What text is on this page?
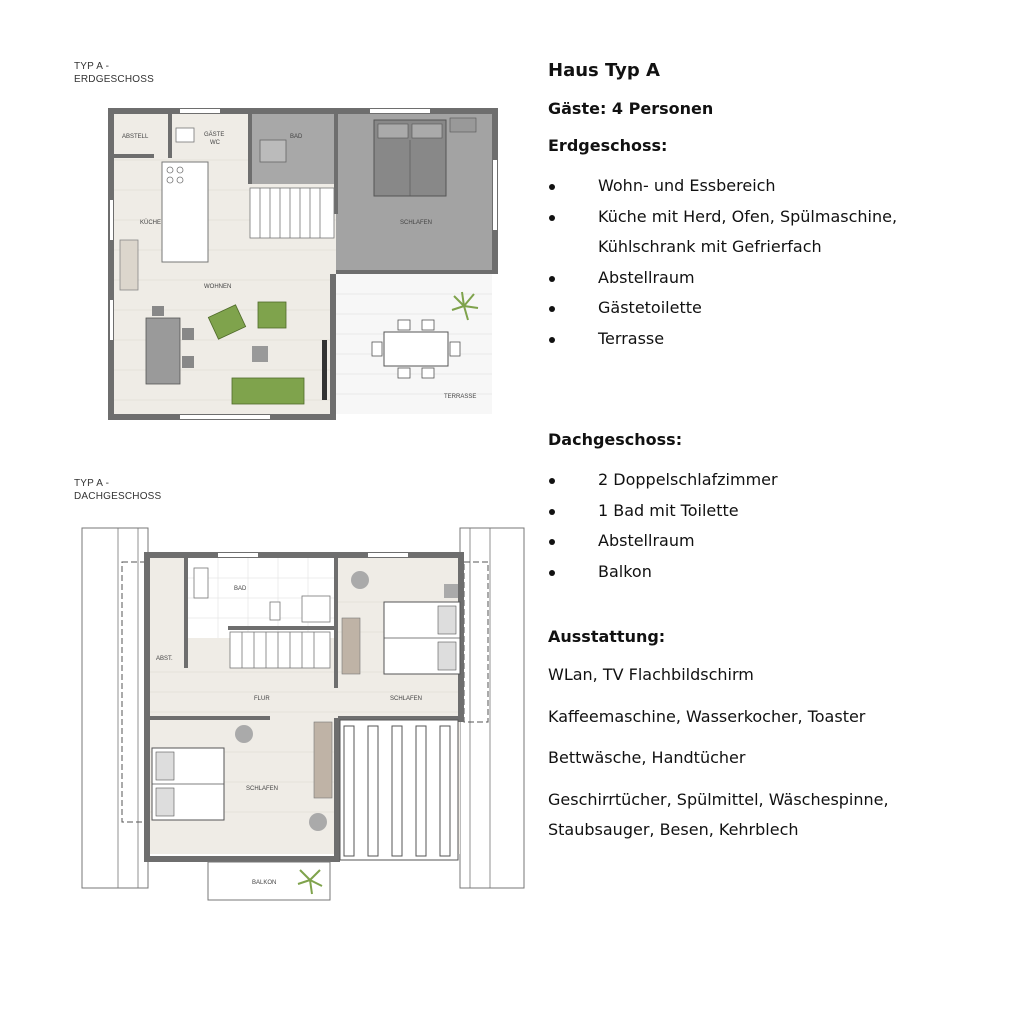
TYP A -
ERDGESCHOSS
ABSTELL	GÄSTE
WC
BAD
KÜCHE
WOHNEN
SCHLAFEN
TERRASSE
TYP A -
DACHGESCHOSS
BAD
ABST.
FLUR	SCHLAFEN
SCHLAFEN
BALKON
Haus Typ A
Gäste: 4 Personen
Erdgeschoss:
Wohn- und Essbereich
Küche mit Herd, Ofen, Spülmaschine,
Kühlschrank mit Gefrierfach
Abstellraum
Gästetoilette
Terrasse
Dachgeschoss:
2 Doppelschlafzimmer
1 Bad mit Toilette
Abstellraum
Balkon
Ausstattung:
WLan, TV Flachbildschirm
Kaffeemaschine, Wasserkocher, Toaster
Bettwäsche, Handtücher
Geschirrtücher, Spülmittel, Wäschespinne, Staubsauger, Besen, Kehrblech
